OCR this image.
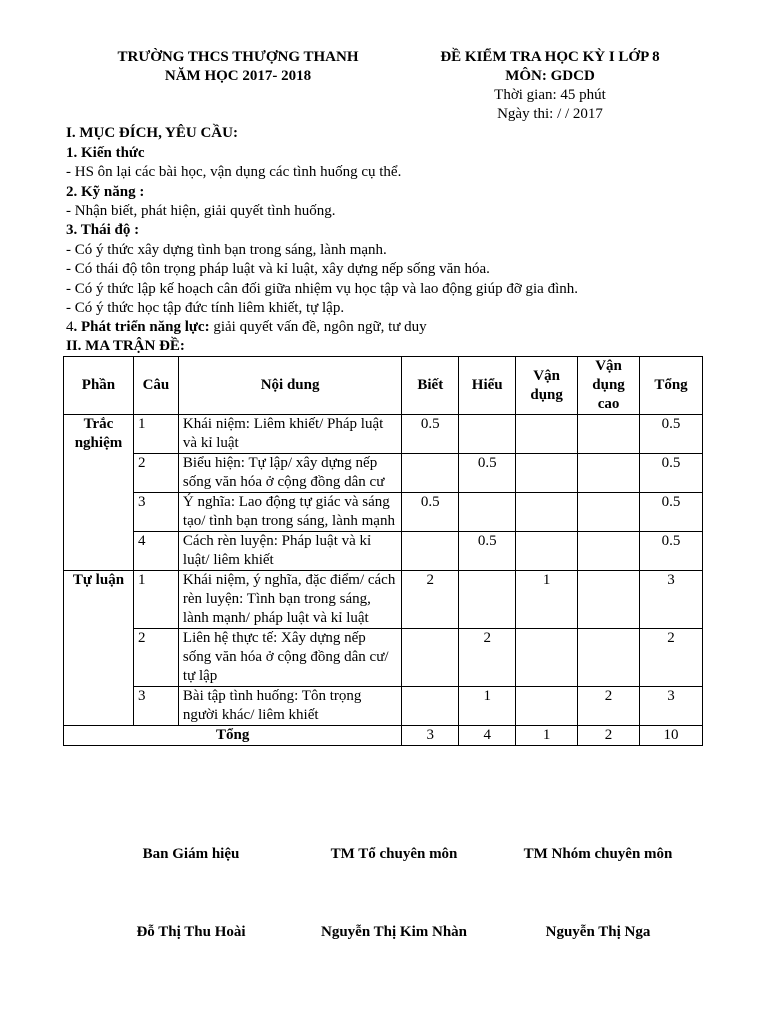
TRƯỜNG THCS THƯỢNG THANH
NĂM HỌC 2017- 2018
ĐỀ KIỂM TRA HỌC KỲ I LỚP 8
MÔN: GDCD
Thời gian: 45 phút
Ngày thi: / / 2017
I. MỤC ĐÍCH, YÊU CẦU:
1. Kiến thức
- HS ôn lại các bài học, vận dụng các tình huống cụ thể.
2. Kỹ năng :
- Nhận biết, phát hiện, giải quyết tình huống.
3. Thái độ :
- Có ý thức xây dựng tình bạn trong sáng, lành mạnh.
- Có thái độ tôn trọng pháp luật và kỉ luật, xây dựng nếp sống văn hóa.
- Có ý thức lập kế hoạch cân đối giữa nhiệm vụ học tập và lao động giúp đỡ gia đình.
- Có ý thức học tập đức tính liêm khiết, tự lập.
4. Phát triển năng lực: giải quyết vấn đề, ngôn ngữ, tư duy
II. MA TRẬN ĐỀ:
Phần	Câu	Nội dung	Biết	Hiểu	Vận dụng	Vận dụng cao	Tổng
Trắc nghiệm	1	Khái niệm: Liêm khiết/ Pháp luật và kỉ luật	0.5				0.5
	2	Biểu hiện: Tự lập/ xây dựng nếp sống văn hóa ở cộng đồng dân cư		0.5			0.5
	3	Ý nghĩa: Lao động tự giác và sáng tạo/ tình bạn trong sáng, lành mạnh	0.5				0.5
	4	Cách rèn luyện: Pháp luật và kỉ luật/ liêm khiết		0.5			0.5
Tự luận	1	Khái niệm, ý nghĩa, đặc điểm/ cách rèn luyện: Tình bạn trong sáng, lành mạnh/ pháp luật và kỉ luật	2		1		3
	2	Liên hệ thực tế: Xây dựng nếp sống văn hóa ở cộng đồng dân cư/ tự lập		2			2
	3	Bài tập tình huống: Tôn trọng người khác/ liêm khiết		1		2	3
Tổng			3	4	1	2	10
Ban Giám hiệu	TM Tổ chuyên môn	TM Nhóm chuyên môn
Đỗ Thị Thu Hoài	Nguyễn Thị Kim Nhàn	Nguyễn Thị Nga
